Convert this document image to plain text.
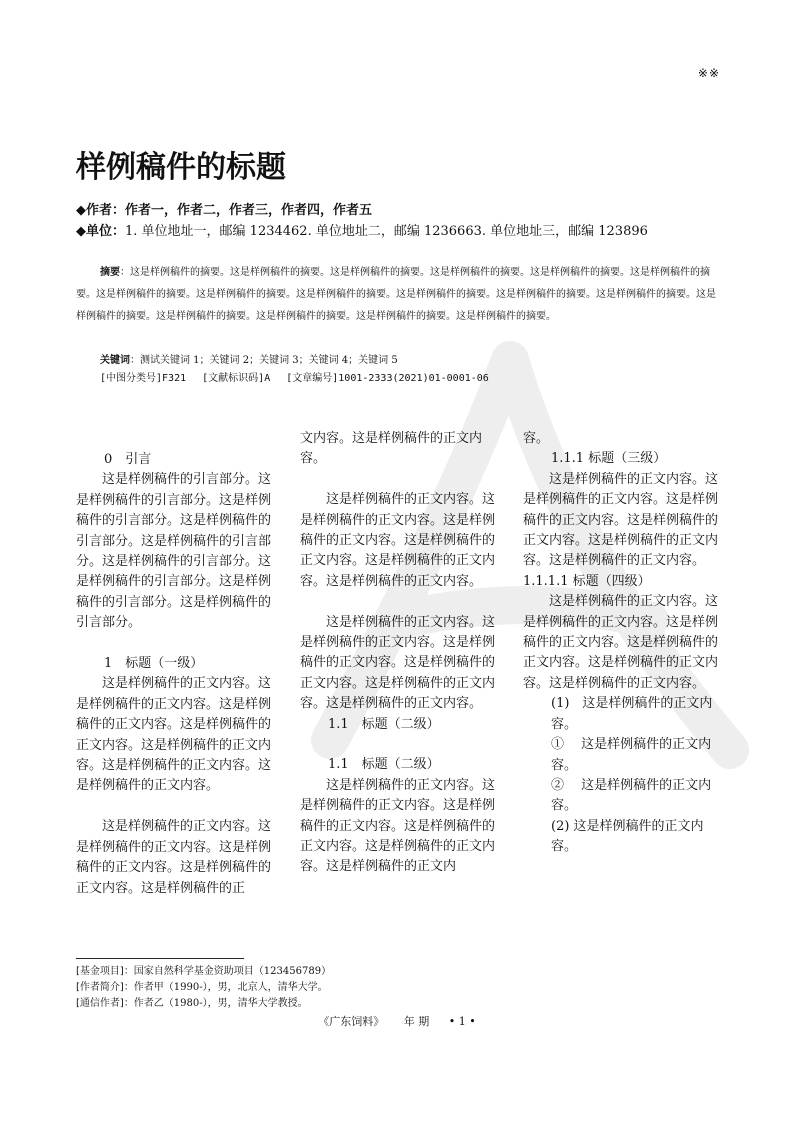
※※
样例稿件的标题
◆作者：作者一，作者二，作者三，作者四，作者五
◆单位：1. 单位地址一，邮编 1234462. 单位地址二，邮编 1236663. 单位地址三，邮编 123896
摘要：这是样例稿件的摘要。这是样例稿件的摘要。这是样例稿件的摘要。这是样例稿件的摘要。这是样例稿件的摘要。这是样例稿件的摘要。这是样例稿件的摘要。这是样例稿件的摘要。这是样例稿件的摘要。这是样例稿件的摘要。这是样例稿件的摘要。这是样例稿件的摘要。这是样例稿件的摘要。这是样例稿件的摘要。这是样例稿件的摘要。这是样例稿件的摘要。这是样例稿件的摘要。
关键词：测试关键词 1；关键词 2；关键词 3；关键词 4；关键词 5
[中图分类号]F321 [文献标识码]A [文章编号]1001-2333(2021)01-0001-06

0　引言

这是样例稿件的引言部分。这是样例稿件的引言部分。这是样例稿件的引言部分。这是样例稿件的引言部分。这是样例稿件的引言部分。这是样例稿件的引言部分。这是样例稿件的引言部分。这是样例稿件的引言部分。这是样例稿件的引言部分。

1　标题（一级）

这是样例稿件的正文内容。这是样例稿件的正文内容。这是样例稿件的正文内容。这是样例稿件的正文内容。这是样例稿件的正文内容。这是样例稿件的正文内容。这是样例稿件的正文内容。

这是样例稿件的正文内容。这是样例稿件的正文内容。这是样例稿件的正文内容。这是样例稿件的正文内容。这是样例稿件的正

文内容。这是样例稿件的正文内容。

这是样例稿件的正文内容。这是样例稿件的正文内容。这是样例稿件的正文内容。这是样例稿件的正文内容。这是样例稿件的正文内容。这是样例稿件的正文内容。

这是样例稿件的正文内容。这是样例稿件的正文内容。这是样例稿件的正文内容。这是样例稿件的正文内容。这是样例稿件的正文内容。这是样例稿件的正文内容。

1.1　标题（二级）

1.1　标题（二级）

这是样例稿件的正文内容。这是样例稿件的正文内容。这是样例稿件的正文内容。这是样例稿件的正文内容。这是样例稿件的正文内容。这是样例稿件的正文内

容。

1.1.1 标题（三级）

这是样例稿件的正文内容。这是样例稿件的正文内容。这是样例稿件的正文内容。这是样例稿件的正文内容。这是样例稿件的正文内容。这是样例稿件的正文内容。

1.1.1.1 标题（四级）

这是样例稿件的正文内容。这是样例稿件的正文内容。这是样例稿件的正文内容。这是样例稿件的正文内容。这是样例稿件的正文内容。这是样例稿件的正文内容。

(1)　这是样例稿件的正文内容。

①　 这是样例稿件的正文内容。

②　 这是样例稿件的正文内容。

(2) 这是样例稿件的正文内容。

[基金项目]：国家自然科学基金资助项目（123456789）
[作者简介]：作者甲（1990-），男，北京人，清华大学。
[通信作者]：作者乙（1980-），男，清华大学教授。
《广东饲料》 年 期 • 1 •
